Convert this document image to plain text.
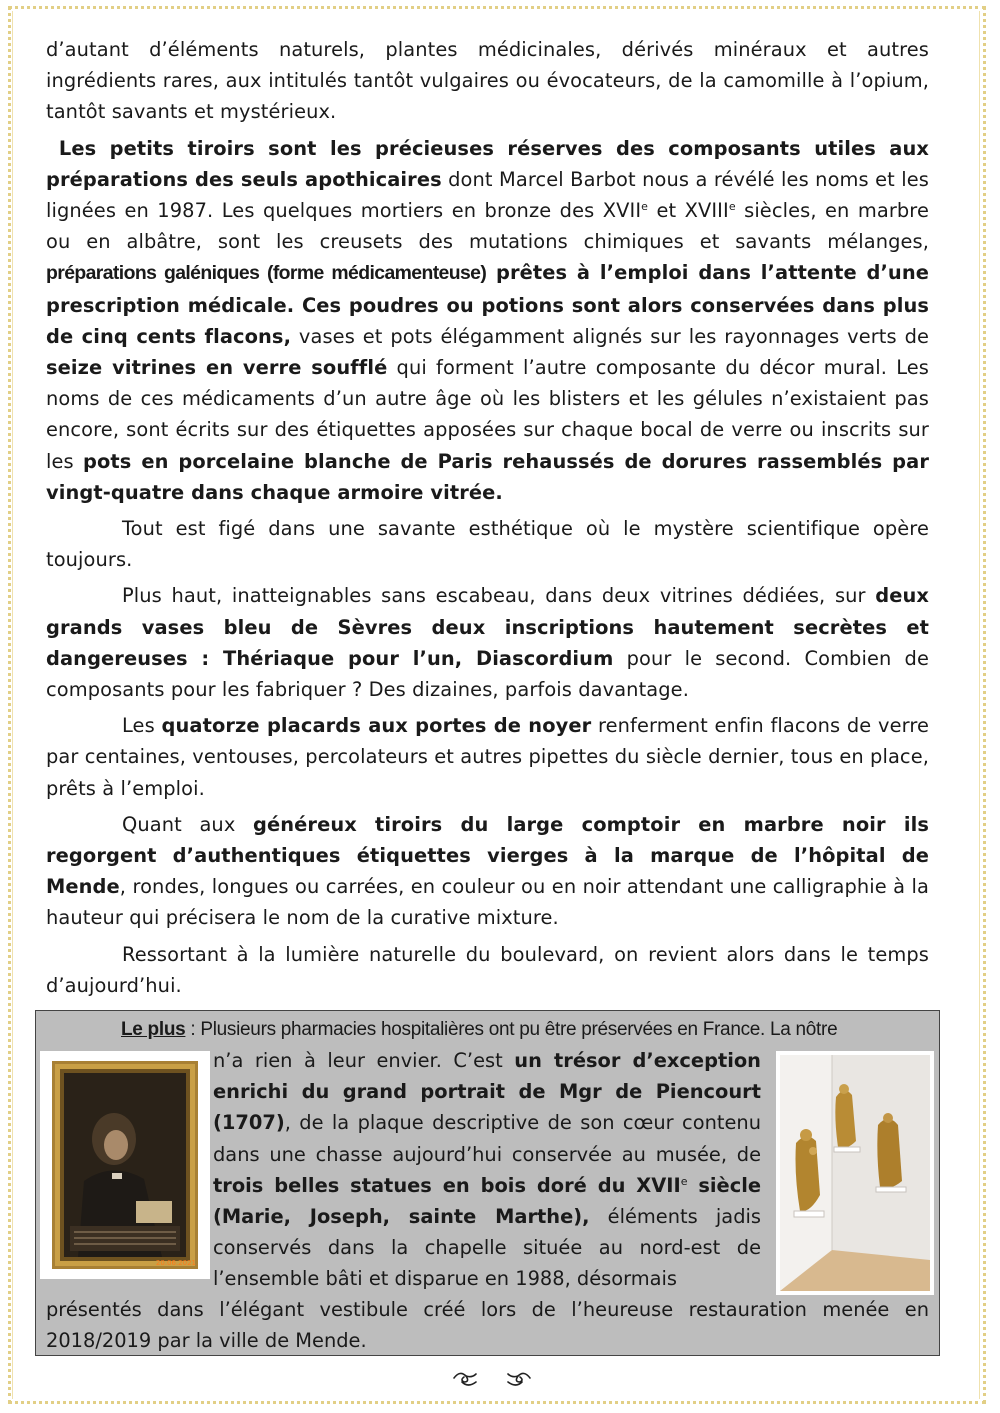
d’autant d’éléments naturels, plantes médicinales, dérivés minéraux et autres ingrédients rares, aux intitulés tantôt vulgaires ou évocateurs, de la camomille à l’opium, tantôt savants et mystérieux.

Les petits tiroirs sont les précieuses réserves des composants utiles aux préparations des seuls apothicaires dont Marcel Barbot nous a révélé les noms et les lignées en 1987. Les quelques mortiers en bronze des XVIIe et XVIIIe siècles, en marbre ou en albâtre, sont les creusets des mutations chimiques et savants mélanges, préparations galéniques (forme médicamenteuse) prêtes à l’emploi dans l’attente d’une prescription médicale. Ces poudres ou potions sont alors conservées dans plus de cinq cents flacons, vases et pots élégamment alignés sur les rayonnages verts de seize vitrines en verre soufflé qui forment l’autre composante du décor mural. Les noms de ces médicaments d’un autre âge où les blisters et les gélules n’existaient pas encore, sont écrits sur des étiquettes apposées sur chaque bocal de verre ou inscrits sur les pots en porcelaine blanche de Paris rehaussés de dorures rassemblés par vingt-quatre dans chaque armoire vitrée.

Tout est figé dans une savante esthétique où le mystère scientifique opère toujours.

Plus haut, inatteignables sans escabeau, dans deux vitrines dédiées, sur deux grands vases bleu de Sèvres deux inscriptions hautement secrètes et dangereuses : Thériaque pour l’un, Diascordium pour le second. Combien de composants pour les fabriquer ? Des dizaines, parfois davantage.

Les quatorze placards aux portes de noyer renferment enfin flacons de verre par centaines, ventouses, percolateurs et autres pipettes du siècle dernier, tous en place, prêts à l’emploi.

Quant aux généreux tiroirs du large comptoir en marbre noir ils regorgent d’authentiques étiquettes vierges à la marque de l’hôpital de Mende, rondes, longues ou carrées, en couleur ou en noir attendant une calligraphie à la hauteur qui précisera le nom de la curative mixture.

Ressortant à la lumière naturelle du boulevard, on revient alors dans le temps d’aujourd’hui.

Le plus : Plusieurs pharmacies hospitalières ont pu être préservées en France. La nôtre
20.06.2021

n’a rien à leur envier. C’est un trésor d’exception enrichi du grand portrait de Mgr de Piencourt (1707), de la plaque descriptive de son cœur contenu dans une chasse aujourd’hui conservée au musée, de trois belles statues en bois doré du XVIIe siècle (Marie, Joseph, sainte Marthe), éléments jadis conservés dans la chapelle située au nord-est de l’ensemble bâti et disparue en 1988, désormais

présentés dans l’élégant vestibule créé lors de l’heureuse restauration menée en 2018/2019 par la ville de Mende.
